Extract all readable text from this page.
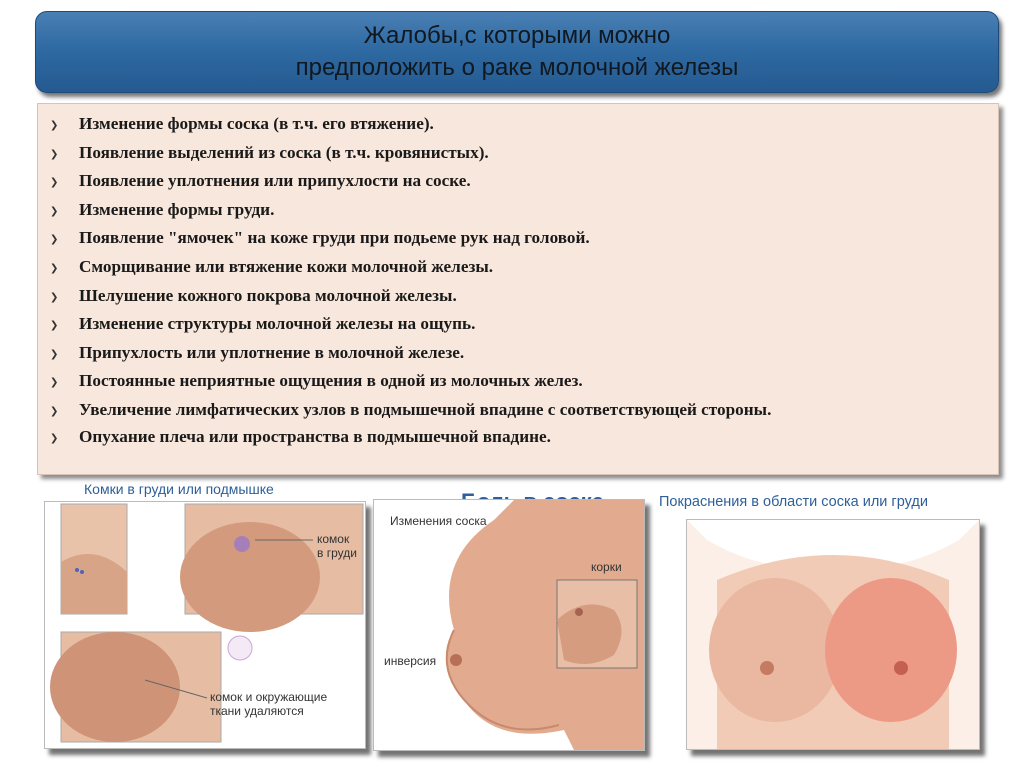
Жалобы,с которыми можно
предположить о раке молочной железы
❯ Изменение формы соска (в т.ч. его втяжение).
❯ Появление выделений из соска (в т.ч. кровянистых).
❯ Появление уплотнения или припухлости на соске.
❯ Изменение формы груди.
❯ Появление "ямочек" на коже груди при подьеме рук над головой.
❯ Сморщивание или втяжение кожи молочной железы.
❯ Шелушение кожного покрова молочной железы.
❯ Изменение структуры молочной железы на ощупь.
❯ Припухлость или уплотнение в молочной железе.
❯ Постоянные неприятные ощущения в одной из молочных желез.
❯ Увеличение лимфатических узлов в подмышечной впадине с соответствующей стороны.
❯ Опухание плеча или пространства в подмышечной впадине.
Комки в груди или подмышке
Покраснения в области соска или груди
комок
в груди
комок и окружающие
ткани удаляются
Изменения соска
корки
инверсия
